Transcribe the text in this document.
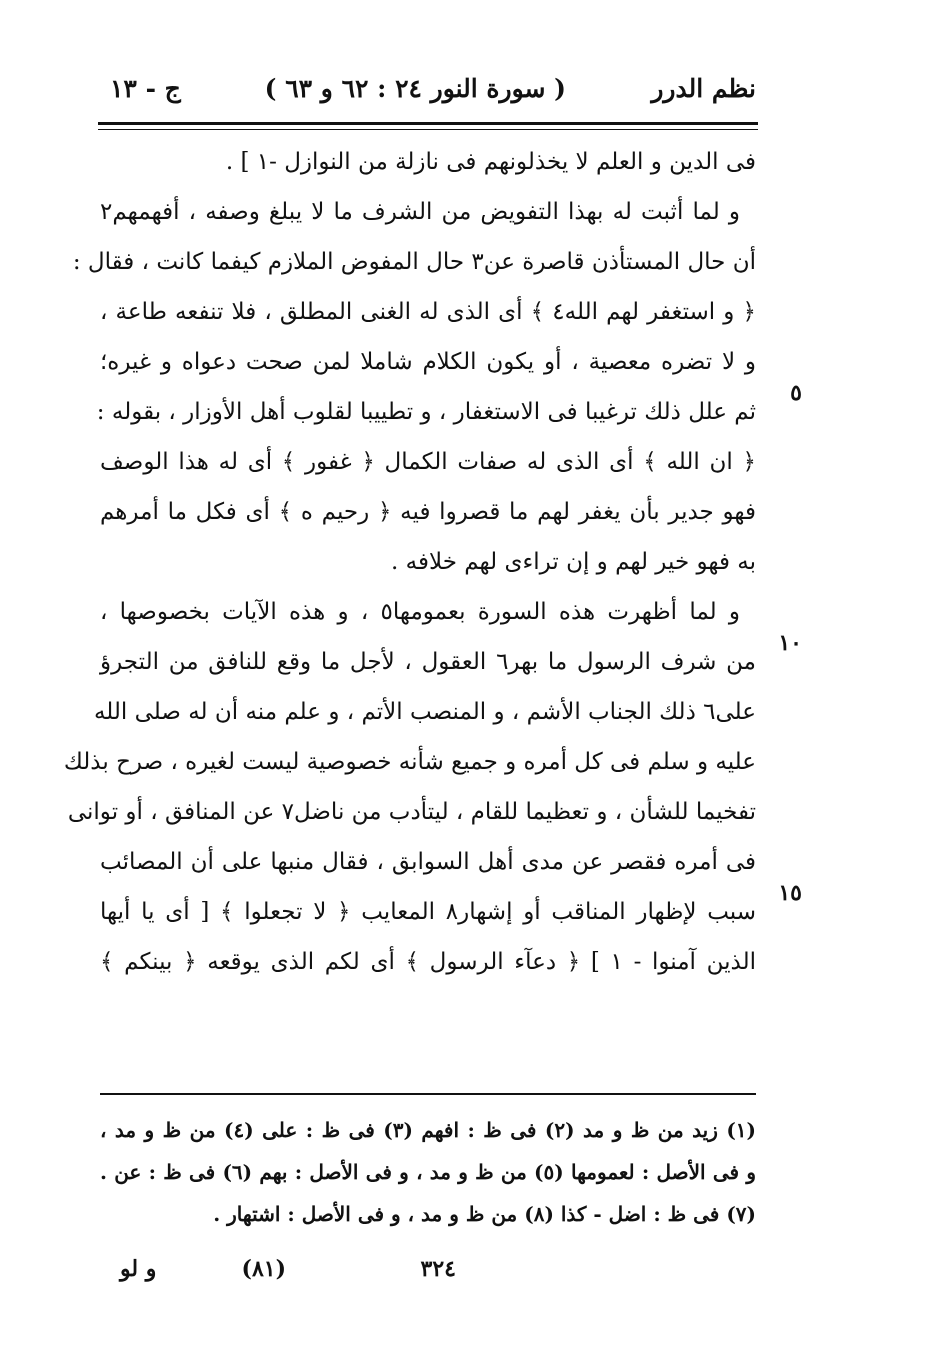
نظم الدرر
( سورة النور ٢٤ : ٦٢ و ٦٣ )
ج - ١٣
فى الدين و العلم لا يخذلونهم فى نازلة من النوازل -١ ] .
و لما أثبت له بهذا التفويض من الشرف ما لا يبلغ وصفه ، أفهمهم٢
أن حال المستأذن قاصرة عن٣ حال المفوض الملازم كيفما كانت ، فقال :
﴿ و استغفر لهم الله٤ ﴾ أى الذى له الغنى المطلق ، فلا تنفعه طاعة ،
و لا تضره معصية ، أو يكون الكلام شاملا لمن صحت دعواه و غيره؛
ثم علل ذلك ترغيبا فى الاستغفار ، و تطييبا لقلوب أهل الأوزار ، بقوله :
﴿ ان الله ﴾ أى الذى له صفات الكمال ﴿ غفور ﴾ أى له هذا الوصف
فهو جدير بأن يغفر لهم ما قصروا فيه ﴿ رحيم ه ﴾ أى فكل ما أمرهم
به فهو خير لهم و إن تراءى لهم خلافه .
و لما أظهرت هذه السورة بعمومها٥ ، و هذه الآيات بخصوصها ،
من شرف الرسول ما بهر٦ العقول ، لأجل ما وقع للنافق من التجرؤ
على٦ ذلك الجناب الأشم ، و المنصب الأتم ، و علم منه أن له صلى الله
عليه و سلم فى كل أمره و جميع شأنه خصوصية ليست لغيره ، صرح بذلك
تفخيما للشأن ، و تعظيما للقام ، ليتأدب من ناضل٧ عن المنافق ، أو توانى
فى أمره فقصر عن مدى أهل السوابق ، فقال منبها على أن المصائب
سبب لإظهار المناقب أو إشهار٨ المعايب ﴿ لا تجعلوا ﴾ [ أى يا أيها
الذين آمنوا - ١ ] ﴿ دعآء الرسول ﴾ أى لكم الذى يوقعه ﴿ بينكم ﴾
٥
١٠
١٥
(١) زيد من ظ و مد (٢) فى ظ : افهم (٣) فى ظ : على (٤) من ظ و مد ،
و فى الأصل : لعمومها (٥) من ظ و مد ، و فى الأصل : بهم (٦) فى ظ : عن .
(٧) فى ظ : اضل - كذا (٨) من ظ و مد ، و فى الأصل : اشتهار .
٣٢٤
(٨١)
و لو
